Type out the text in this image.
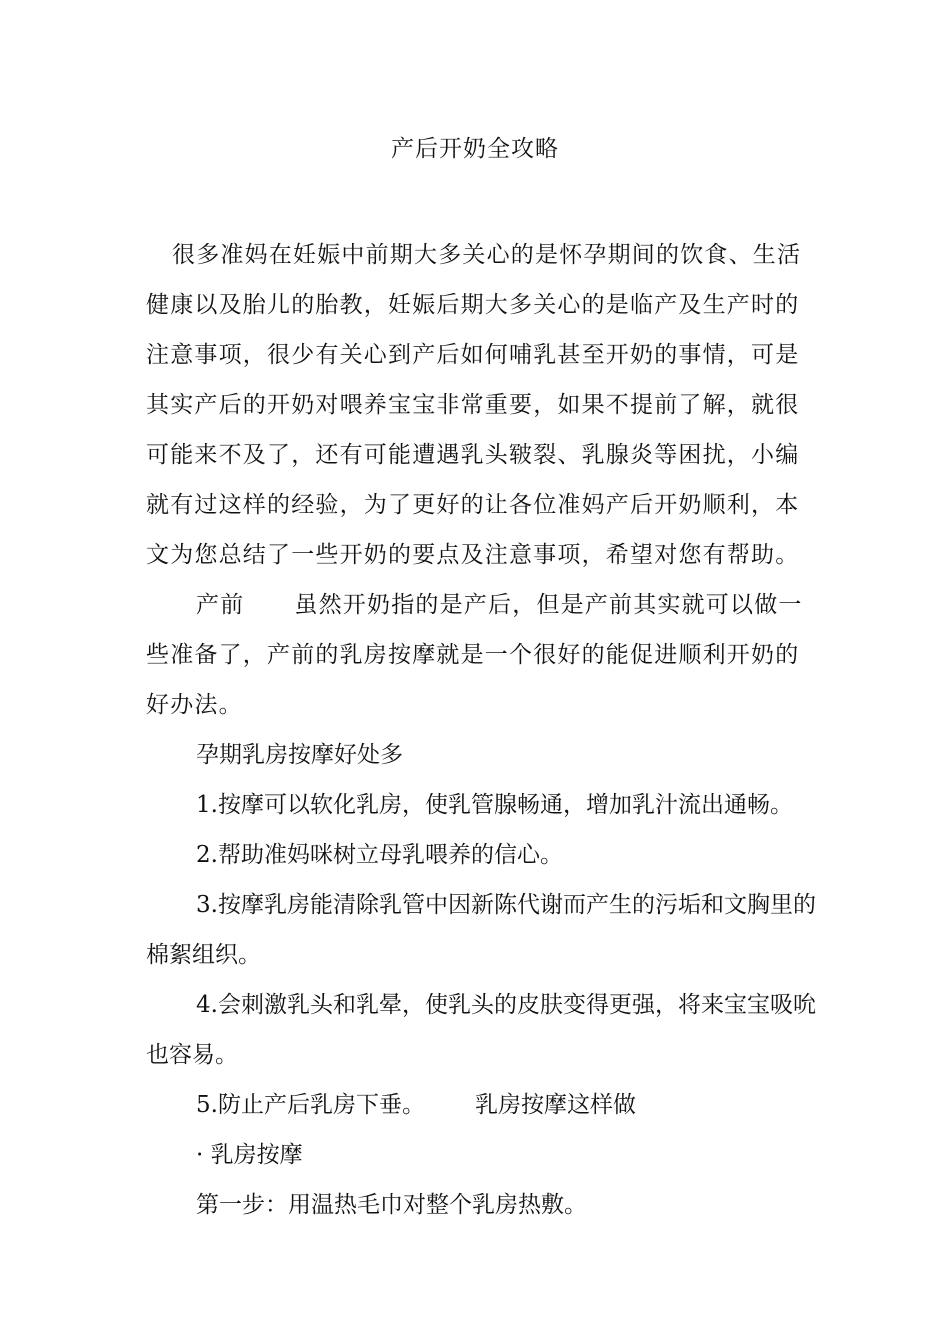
产后开奶全攻略

很多准妈在妊娠中前期大多关心的是怀孕期间的饮食、生活健康以及胎儿的胎教，妊娠后期大多关心的是临产及生产时的注意事项，很少有关心到产后如何哺乳甚至开奶的事情，可是其实产后的开奶对喂养宝宝非常重要，如果不提前了解，就很可能来不及了，还有可能遭遇乳头皲裂、乳腺炎等困扰，小编就有过这样的经验，为了更好的让各位准妈产后开奶顺利，本文为您总结了一些开奶的要点及注意事项，希望对您有帮助。产前 虽然开奶指的是产后，但是产前其实就可以做一些准备了，产前的乳房按摩就是一个很好的能促进顺利开奶的好办法。

孕期乳房按摩好处多

1.按摩可以软化乳房，使乳管腺畅通，增加乳汁流出通畅。

2.帮助准妈咪树立母乳喂养的信心。

3.按摩乳房能清除乳管中因新陈代谢而产生的污垢和文胸里的棉絮组织。

4.会刺激乳头和乳晕，使乳头的皮肤变得更强，将来宝宝吸吮也容易。

5.防止产后乳房下垂。 乳房按摩这样做

· 乳房按摩

第一步：用温热毛巾对整个乳房热敷。
